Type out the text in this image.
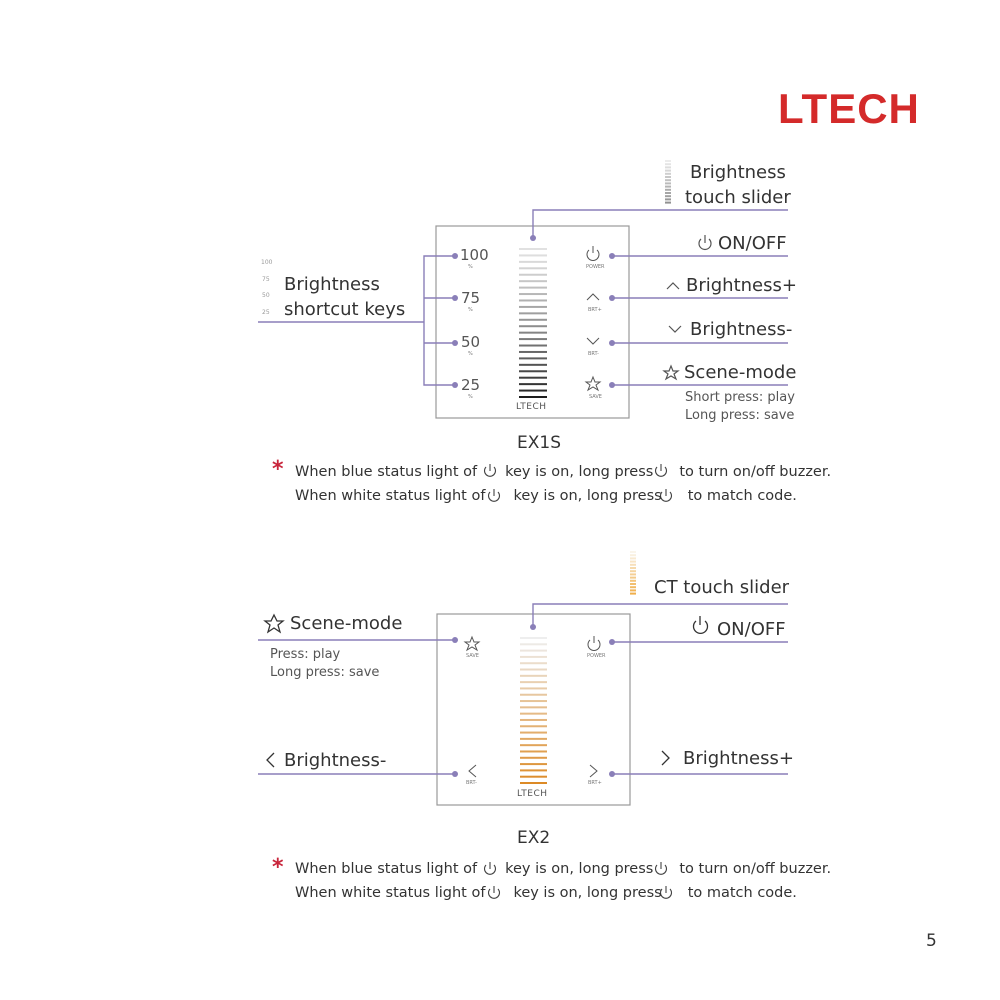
LTECH
100
75
50
25
Brightness
touch slider
Brightness
shortcut keys
ON/OFF
Brightness+
Brightness-
Scene-mode
Short press: play
Long press: save
100
%
75
%
50
%
25
%
POWER
BRT+
BRT-
SAVE
LTECH
EX1S
* When blue status light of key is on, long press to turn on/off buzzer.
When white status light of key is on, long press to match code.
CT touch slider
Scene-mode
Press: play
Long press: save
ON/OFF
Brightness-	Brightness+
SAVE	POWER
BRT-	BRT+
LTECH
EX2
* When blue status light of key is on, long press to turn on/off buzzer.
When white status light of key is on, long press to match code.
5
